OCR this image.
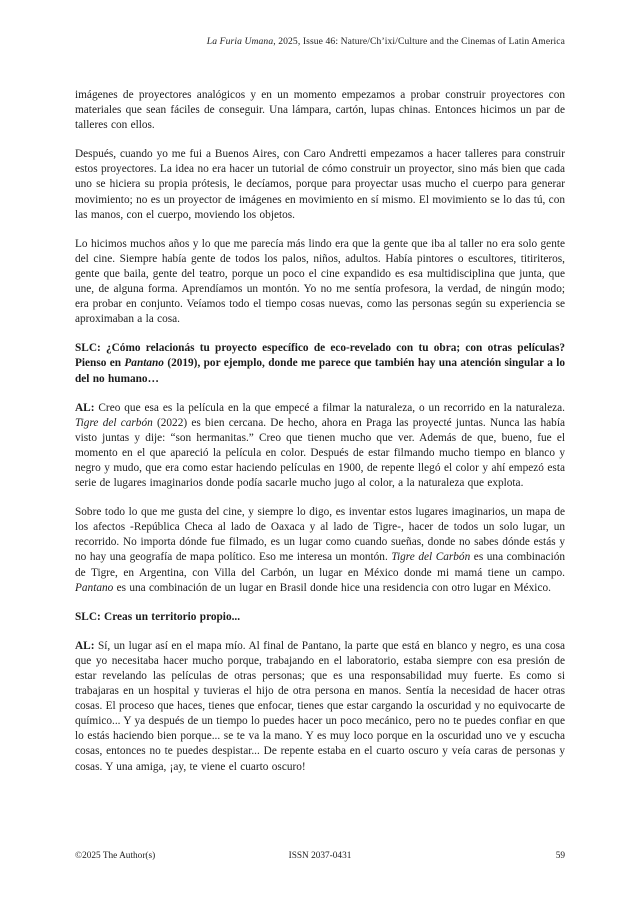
La Furia Umana, 2025, Issue 46: Nature/Ch’ixi/Culture and the Cinemas of Latin America

imágenes de proyectores analógicos y en un momento empezamos a probar construir proyectores con materiales que sean fáciles de conseguir. Una lámpara, cartón, lupas chinas. Entonces hicimos un par de talleres con ellos.

Después, cuando yo me fui a Buenos Aires, con Caro Andretti empezamos a hacer talleres para construir estos proyectores. La idea no era hacer un tutorial de cómo construir un proyector, sino más bien que cada uno se hiciera su propia prótesis, le decíamos, porque para proyectar usas mucho el cuerpo para generar movimiento; no es un proyector de imágenes en movimiento en sí mismo. El movimiento se lo das tú, con las manos, con el cuerpo, moviendo los objetos.

Lo hicimos muchos años y lo que me parecía más lindo era que la gente que iba al taller no era solo gente del cine. Siempre había gente de todos los palos, niños, adultos. Había pintores o escultores, titiriteros, gente que baila, gente del teatro, porque un poco el cine expandido es esa multidisciplina que junta, que une, de alguna forma. Aprendíamos un montón. Yo no me sentía profesora, la verdad, de ningún modo; era probar en conjunto. Veíamos todo el tiempo cosas nuevas, como las personas según su experiencia se aproximaban a la cosa.

SLC: ¿Cómo relacionás tu proyecto específico de eco-revelado con tu obra; con otras películas? Pienso en Pantano (2019), por ejemplo, donde me parece que también hay una atención singular a lo del no humano…

AL: Creo que esa es la película en la que empecé a filmar la naturaleza, o un recorrido en la naturaleza. Tigre del carbón (2022) es bien cercana. De hecho, ahora en Praga las proyecté juntas. Nunca las había visto juntas y dije: “son hermanitas.” Creo que tienen mucho que ver. Además de que, bueno, fue el momento en el que apareció la película en color. Después de estar filmando mucho tiempo en blanco y negro y mudo, que era como estar haciendo películas en 1900, de repente llegó el color y ahí empezó esta serie de lugares imaginarios donde podía sacarle mucho jugo al color, a la naturaleza que explota.

Sobre todo lo que me gusta del cine, y siempre lo digo, es inventar estos lugares imaginarios, un mapa de los afectos -República Checa al lado de Oaxaca y al lado de Tigre-, hacer de todos un solo lugar, un recorrido. No importa dónde fue filmado, es un lugar como cuando sueñas, donde no sabes dónde estás y no hay una geografía de mapa político. Eso me interesa un montón. Tigre del Carbón es una combinación de Tigre, en Argentina, con Villa del Carbón, un lugar en México donde mi mamá tiene un campo. Pantano es una combinación de un lugar en Brasil donde hice una residencia con otro lugar en México.

SLC: Creas un territorio propio...

AL: Sí, un lugar así en el mapa mío. Al final de Pantano, la parte que está en blanco y negro, es una cosa que yo necesitaba hacer mucho porque, trabajando en el laboratorio, estaba siempre con esa presión de estar revelando las películas de otras personas; que es una responsabilidad muy fuerte. Es como si trabajaras en un hospital y tuvieras el hijo de otra persona en manos. Sentía la necesidad de hacer otras cosas. El proceso que haces, tienes que enfocar, tienes que estar cargando la oscuridad y no equivocarte de químico... Y ya después de un tiempo lo puedes hacer un poco mecánico, pero no te puedes confiar en que lo estás haciendo bien porque... se te va la mano. Y es muy loco porque en la oscuridad uno ve y escucha cosas, entonces no te puedes despistar... De repente estaba en el cuarto oscuro y veía caras de personas y cosas. Y una amiga, ¡ay, te viene el cuarto oscuro!

©2025 The Author(s)	ISSN 2037-0431	59
